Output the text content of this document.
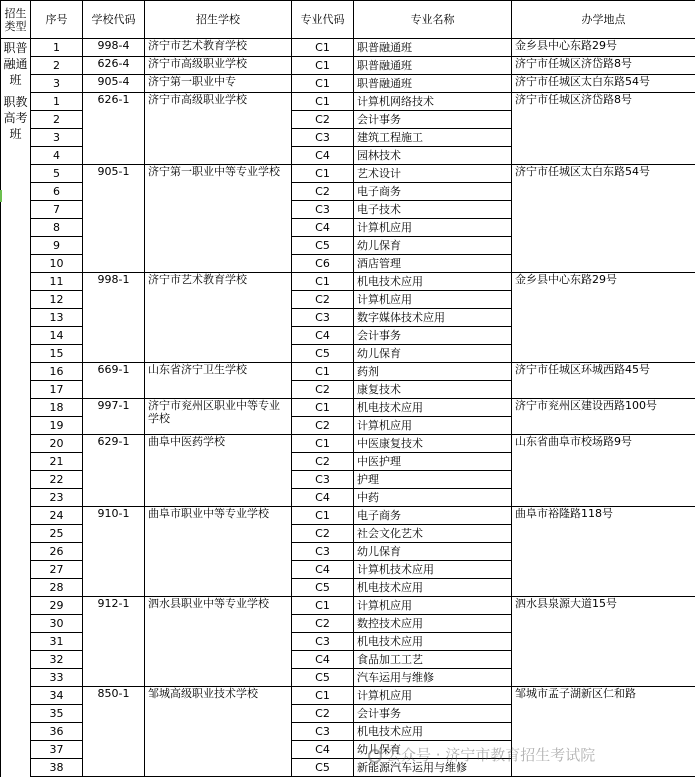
招生类型	序号	学校代码	招生学校	专业代码	专业名称	办学地点
职普融通班	1	998-4	济宁市艺术教育学校	C1	职普融通班	金乡县中心东路29号
	2	626-4	济宁市高级职业学校	C1	职普融通班	济宁市任城区济岱路8号
	3	905-4	济宁第一职业中专	C1	职普融通班	济宁市任城区太白东路54号
职教高考班	1	626-1	济宁市高级职业学校	C1	计算机网络技术	济宁市任城区济岱路8号
	2			C2	会计事务	
	3			C3	建筑工程施工	
	4			C4	园林技术	
	5	905-1	济宁第一职业中等专业学校	C1	艺术设计	济宁市任城区太白东路54号
	6			C2	电子商务	
	7			C3	电子技术	
	8			C4	计算机应用	
	9			C5	幼儿保育	
	10			C6	酒店管理	
	11	998-1	济宁市艺术教育学校	C1	机电技术应用	金乡县中心东路29号
	12			C2	计算机应用	
	13			C3	数字媒体技术应用	
	14			C4	会计事务	
	15			C5	幼儿保育	
	16	669-1	山东省济宁卫生学校	C1	药剂	济宁市任城区环城西路45号
	17			C2	康复技术	
	18	997-1	济宁市兖州区职业中等专业学校	C1	机电技术应用	济宁市兖州区建设西路100号
	19			C2	计算机应用	
	20	629-1	曲阜中医药学校	C1	中医康复技术	山东省曲阜市校场路9号
	21			C2	中医护理	
	22			C3	护理	
	23			C4	中药	
	24	910-1	曲阜市职业中等专业学校	C1	电子商务	曲阜市裕隆路118号
	25			C2	社会文化艺术	
	26			C3	幼儿保育	
	27			C4	计算机技术应用	
	28			C5	机电技术应用	
	29	912-1	泗水县职业中等专业学校	C1	计算机应用	泗水县泉源大道15号
	30			C2	数控技术应用	
	31			C3	机电技术应用	
	32			C4	食品加工工艺	
	33			C5	汽车运用与维修	
	34	850-1	邹城高级职业技术学校	C1	计算机应用	邹城市孟子湖新区仁和路
	35			C2	会计事务	
	36			C3	机电技术应用	
	37			C4	幼儿保育	
	38			C5	新能源汽车运用与维修	
公众号 · 济宁市教育招生考试院
